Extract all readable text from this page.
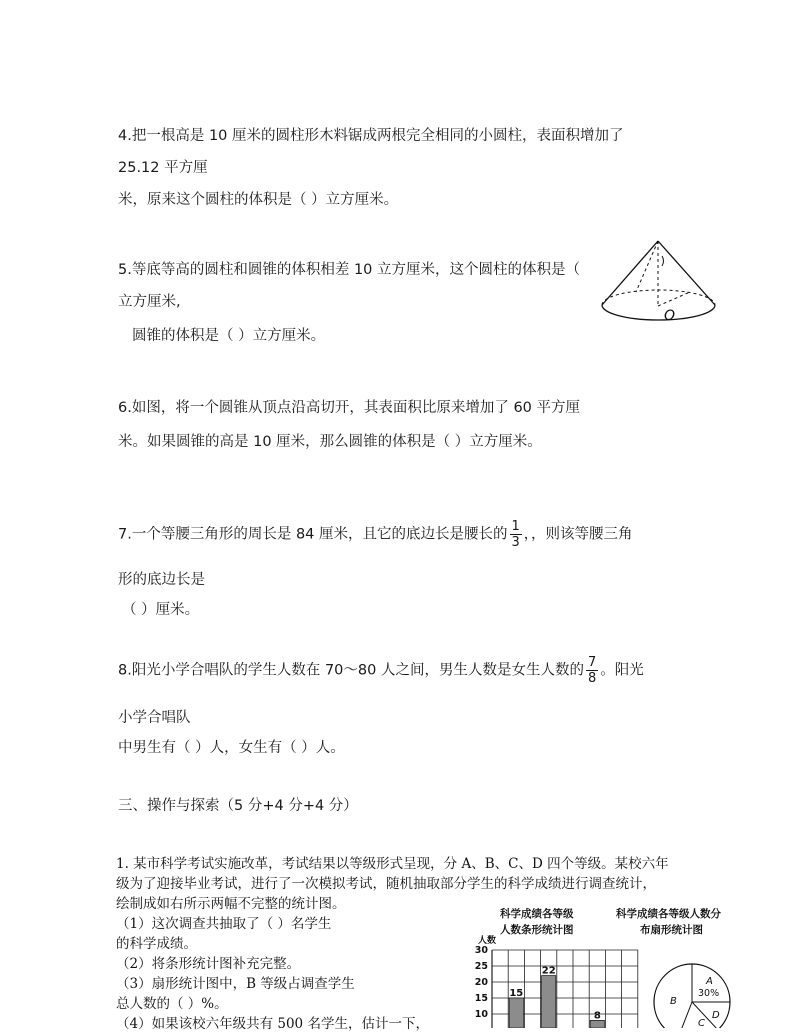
4.把一根高是 10 厘米的圆柱形木料锯成两根完全相同的小圆柱，表面积增加了
25.12 平方厘
米，原来这个圆柱的体积是（ ）立方厘米。
5.等底等高的圆柱和圆锥的体积相差 10 立方厘米，这个圆柱的体积是（
立方厘米,
圆锥的体积是（ ）立方厘米。
O
6.如图，将一个圆锥从顶点沿高切开，其表面积比原来增加了 60 平方厘
米。如果圆锥的高是 10 厘米，那么圆锥的体积是（ ）立方厘米。
7.一个等腰三角形的周长是 84 厘米，且它的底边长是腰长的 $\frac{1}{3}$ ，，则该等腰三角
形的底边长是
（ ）厘米。
8.阳光小学合唱队的学生人数在 70～80 人之间，男生人数是女生人数的 $\frac{7}{8}$ 。阳光
小学合唱队
中男生有（ ）人，女生有（ ）人。
三、操作与探索（5 分+4 分+4 分）
1. 某市科学考试实施改革，考试结果以等级形式呈现，分 A、B、C、D 四个等级。某校六年
级为了迎接毕业考试，进行了一次模拟考试，随机抽取部分学生的科学成绩进行调查统计，
绘制成如右所示两幅不完整的统计图。
（1）这次调查共抽取了（ ）名学生
的科学成绩。
（2）将条形统计图补充完整。
（3）扇形统计图中，B 等级占调查学生
总人数的（ ）%。
（4）如果该校六年级共有 500 名学生，估计一下，
科学成绩各等级
人数条形统计图
科学成绩各等级人数分
布扇形统计图
人数
30
25
20
15
10
15
22
8
A
30%
B
D
C
